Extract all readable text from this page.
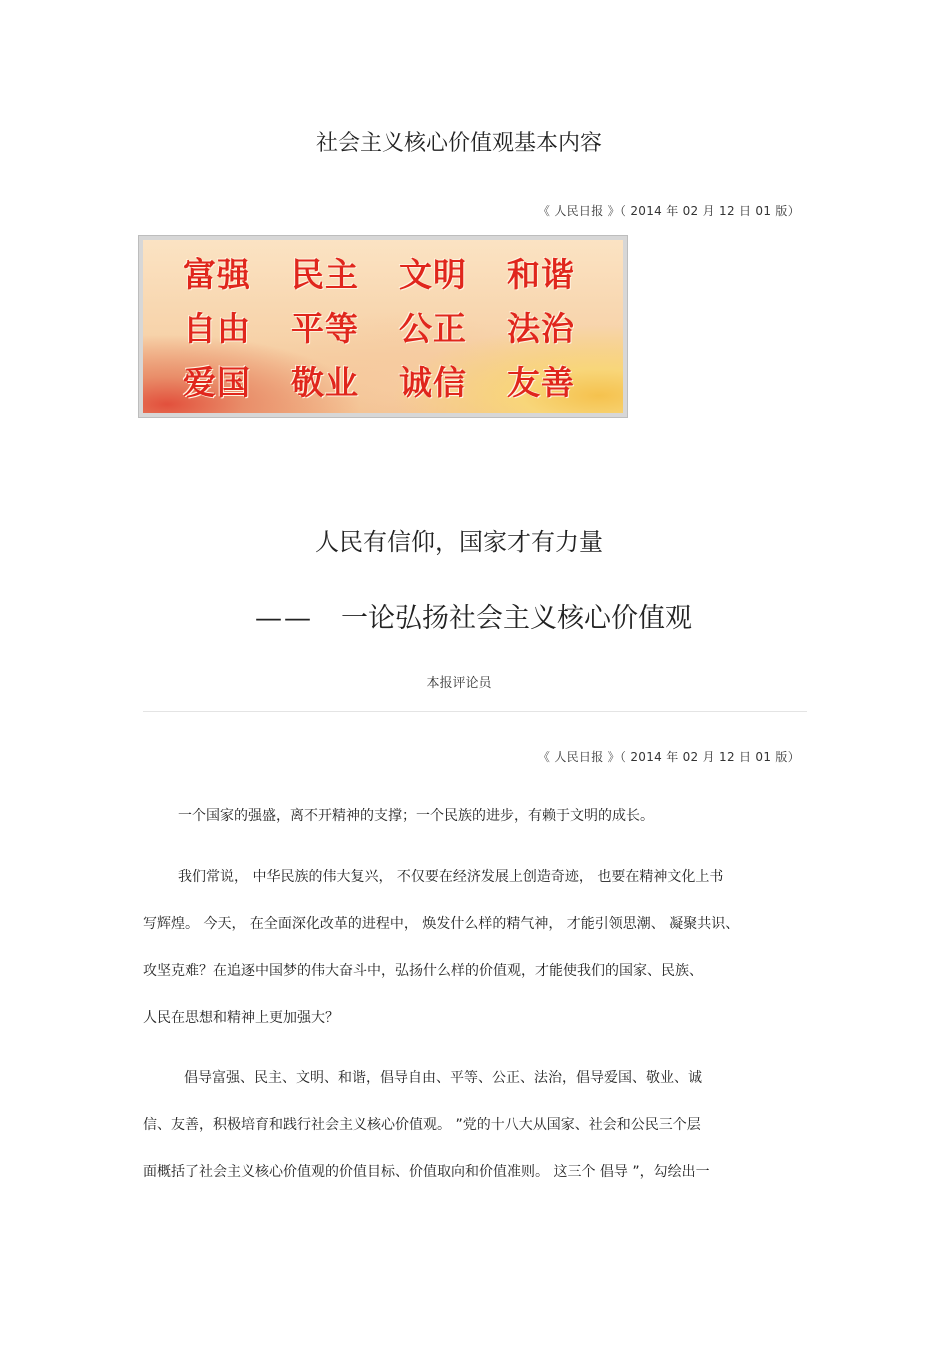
社会主义核心价值观基本内容
《 人民日报 》（ 2014 年 02 月 12 日 01 版）
富强	民主	文明	和谐
自由	平等	公正	法治
爱国	敬业	诚信	友善
人民有信仰，国家才有力量
—— 一论弘扬社会主义核心价值观
本报评论员
《 人民日报 》（ 2014 年 02 月 12 日 01 版）
一个国家的强盛，离不开精神的支撑；一个民族的进步，有赖于文明的成长。
我们常说， 中华民族的伟大复兴， 不仅要在经济发展上创造奇迹， 也要在精神文化上书
写辉煌。 今天， 在全面深化改革的进程中， 焕发什么样的精气神， 才能引领思潮、 凝聚共识、
攻坚克难？在追逐中国梦的伟大奋斗中，弘扬什么样的价值观，才能使我们的国家、民族、
人民在思想和精神上更加强大？
倡导富强、民主、文明、和谐，倡导自由、平等、公正、法治，倡导爱国、敬业、诚
信、友善，积极培育和践行社会主义核心价值观。 ”党的十八大从国家、社会和公民三个层
面概括了社会主义核心价值观的价值目标、价值取向和价值准则。 这三个 倡导 ”，勾绘出一
